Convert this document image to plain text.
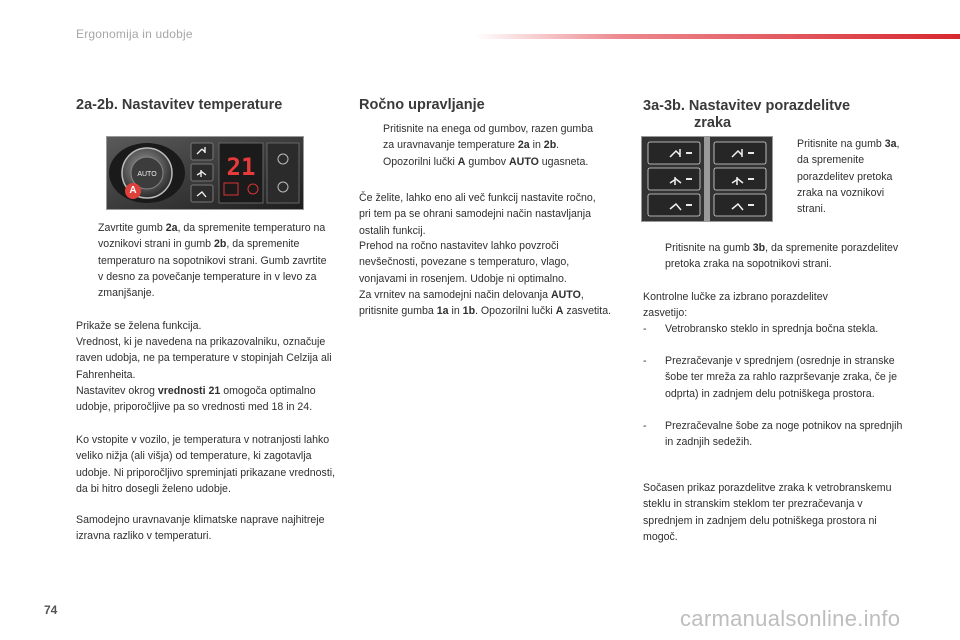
Ergonomija in udobje
2a-2b. Nastavitev temperature
AUTO	21
A
Zavrtite gumb 2a, da spremenite temperaturo na voznikovi strani in gumb 2b, da spremenite temperaturo na sopotnikovi strani. Gumb zavrtite v desno za povečanje temperature in v levo za zmanjšanje.
Prikaže se želena funkcija.
Vrednost, ki je navedena na prikazovalniku, označuje raven udobja, ne pa temperature v stopinjah Celzija ali Fahrenheita.
Nastavitev okrog vrednosti 21 omogoča optimalno udobje, priporočljive pa so vrednosti med 18 in 24.
Ko vstopite v vozilo, je temperatura v notranjosti lahko veliko nižja (ali višja) od temperature, ki zagotavlja udobje. Ni priporočljivo spreminjati prikazane vrednosti, da bi hitro dosegli želeno udobje.
Samodejno uravnavanje klimatske naprave najhitreje izravna razliko v temperaturi.
Ročno upravljanje
Pritisnite na enega od gumbov, razen gumba za uravnavanje temperature 2a in 2b. Opozorilni lučki A gumbov AUTO ugasneta.
Če želite, lahko eno ali več funkcij nastavite ročno, pri tem pa se ohrani samodejni način nastavljanja ostalih funkcij.
Prehod na ročno nastavitev lahko povzroči nevšečnosti, povezane s temperaturo, vlago, vonjavami in rosenjem. Udobje ni optimalno.
Za vrnitev na samodejni način delovanja AUTO, pritisnite gumba 1a in 1b. Opozorilni lučki A zasvetita.
3a-3b. Nastavitev porazdelitve
zraka
Pritisnite na gumb 3a, da spremenite porazdelitev pretoka zraka na voznikovi strani.
Pritisnite na gumb 3b, da spremenite porazdelitev pretoka zraka na sopotnikovi strani.
Kontrolne lučke za izbrano porazdelitev zasvetijo:
-	Vetrobransko steklo in sprednja bočna stekla.
-	Prezračevanje v sprednjem (osrednje in stranske šobe ter mreža za rahlo razprševanje zraka, če je odprta) in zadnjem delu potniškega prostora.
-	Prezračevalne šobe za noge potnikov na sprednjih in zadnjih sedežih.
Sočasen prikaz porazdelitve zraka k vetrobranskemu steklu in stranskim steklom ter prezračevanja v sprednjem in zadnjem delu potniškega prostora ni mogoč.
74	carmanualsonline.info
